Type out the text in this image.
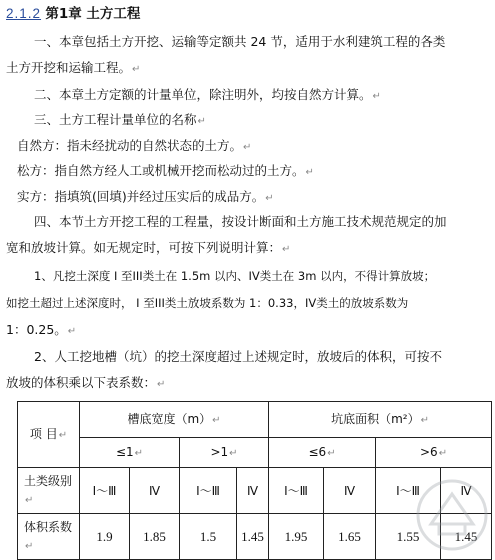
2.1.2 第1章 土方工程
一、本章包括土方开挖、运输等定额共 24 节，适用于水利建筑工程的各类
土方开挖和运输工程。↵
二、本章土方定额的计量单位，除注明外，均按自然方计算。↵
三、土方工程计量单位的名称↵
自然方：指未经扰动的自然状态的土方。↵
松方：指自然方经人工或机械开挖而松动过的土方。↵
实方：指填筑(回填)并经过压实后的成品方。↵
四、本节土方开挖工程的工程量，按设计断面和土方施工技术规范规定的加
宽和放坡计算。如无规定时，可按下列说明计算：↵
1、凡挖土深度 I 至III类土在 1.5m 以内、IV类土在 3m 以内，不得计算放坡；
如挖土超过上述深度时， I 至III类土放坡系数为 1：0.33，IV类土的放坡系数为
1：0.25。↵
2、人工挖地槽（坑）的挖土深度超过上述规定时，放坡后的体积，可按不
放坡的体积乘以下表系数：↵
项 目↵	槽底宽度（m）↵				坑底面积（m²）↵			
	≤1↵		>1↵		≤6↵		>6↵	
土类级别↵	Ⅰ～Ⅲ	Ⅳ	Ⅰ～Ⅲ	Ⅳ	Ⅰ～Ⅲ	Ⅳ	Ⅰ～Ⅲ	Ⅳ
体积系数↵	1.9	1.85	1.5	1.45	1.95	1.65	1.55	1.45
